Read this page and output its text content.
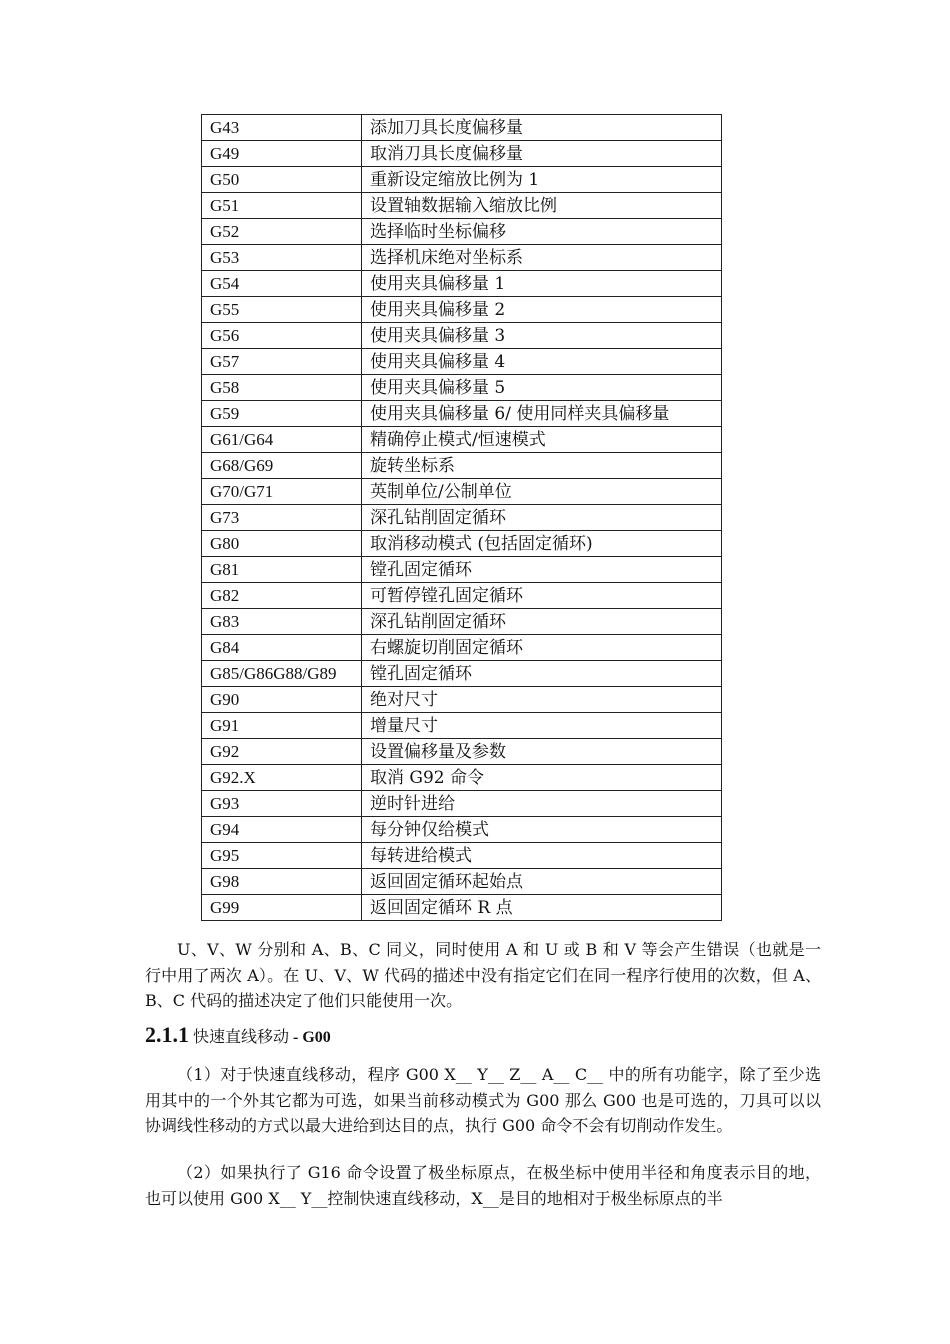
G43	添加刀具长度偏移量
G49	取消刀具长度偏移量
G50	重新设定缩放比例为 1
G51	设置轴数据输入缩放比例
G52	选择临时坐标偏移
G53	选择机床绝对坐标系
G54	使用夹具偏移量 1
G55	使用夹具偏移量 2
G56	使用夹具偏移量 3
G57	使用夹具偏移量 4
G58	使用夹具偏移量 5
G59	使用夹具偏移量 6/ 使用同样夹具偏移量
G61/G64	精确停止模式/恒速模式
G68/G69	旋转坐标系
G70/G71	英制单位/公制单位
G73	深孔钻削固定循环
G80	取消移动模式 (包括固定循环)
G81	镗孔固定循环
G82	可暂停镗孔固定循环
G83	深孔钻削固定循环
G84	右螺旋切削固定循环
G85/G86G88/G89	镗孔固定循环
G90	绝对尺寸
G91	增量尺寸
G92	设置偏移量及参数
G92.X	取消 G92 命令
G93	逆时针进给
G94	每分钟仅给模式
G95	每转进给模式
G98	返回固定循环起始点
G99	返回固定循环 R 点

U、V、W 分别和 A、B、C 同义，同时使用 A 和 U 或 B 和 V 等会产生错误（也就是一行中用了两次 A）。在 U、V、W 代码的描述中没有指定它们在同一程序行使用的次数，但 A、B、C 代码的描述决定了他们只能使用一次。

2.1.1 快速直线移动 - G00

（1）对于快速直线移动，程序 G00 X__ Y__ Z__ A__ C__ 中的所有功能字，除了至少选用其中的一个外其它都为可选，如果当前移动模式为 G00 那么 G00 也是可选的，刀具可以以协调线性移动的方式以最大进给到达目的点，执行 G00 命令不会有切削动作发生。

（2）如果执行了 G16 命令设置了极坐标原点，在极坐标中使用半径和角度表示目的地，也可以使用 G00 X__ Y__控制快速直线移动，X__是目的地相对于极坐标原点的半
